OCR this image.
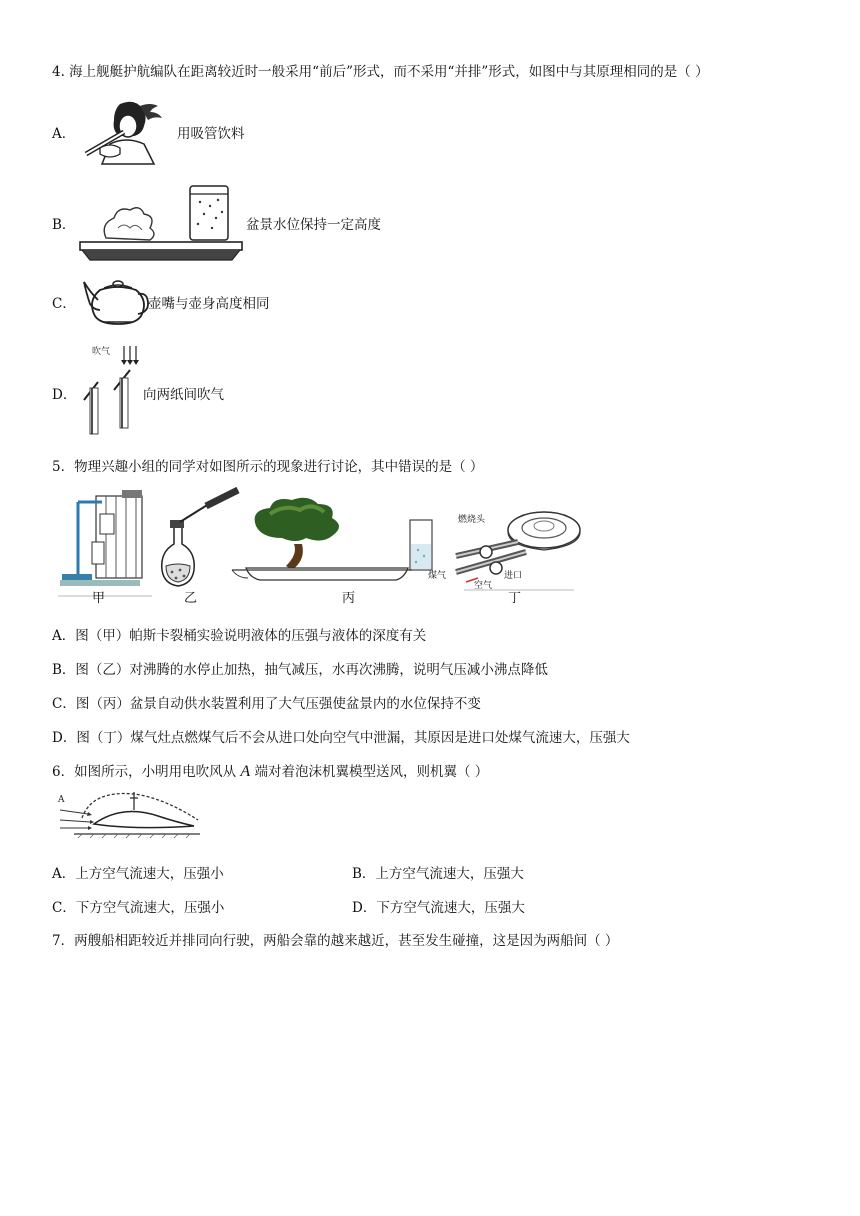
4. 海上舰艇护航编队在距离较近时一般采用“前后”形式，而不采用“并排”形式，如图中与其原理相同的是（ ）
A．	用吸管饮料
B．	盆景水位保持一定高度
C．	壶嘴与壶身高度相同
D．
吹气
向两纸间吹气
5．物理兴趣小组的同学对如图所示的现象进行讨论，其中错误的是（ ）
甲	乙	丙
燃烧头
煤气
空气
进口
丁
A．图（甲）帕斯卡裂桶实验说明液体的压强与液体的深度有关
B．图（乙）对沸腾的水停止加热，抽气减压，水再次沸腾，说明气压减小沸点降低
C．图（丙）盆景自动供水装置利用了大气压强使盆景内的水位保持不变
D．图（丁）煤气灶点燃煤气后不会从进口处向空气中泄漏，其原因是进口处煤气流速大，压强大
6．如图所示，小明用电吹风从 A 端对着泡沫机翼模型送风，则机翼（ ）
A
A．上方空气流速大，压强小	B．上方空气流速大，压强大
C．下方空气流速大，压强小	D．下方空气流速大，压强大
7．两艘船相距较近并排同向行驶，两船会靠的越来越近，甚至发生碰撞，这是因为两船间（ ）
